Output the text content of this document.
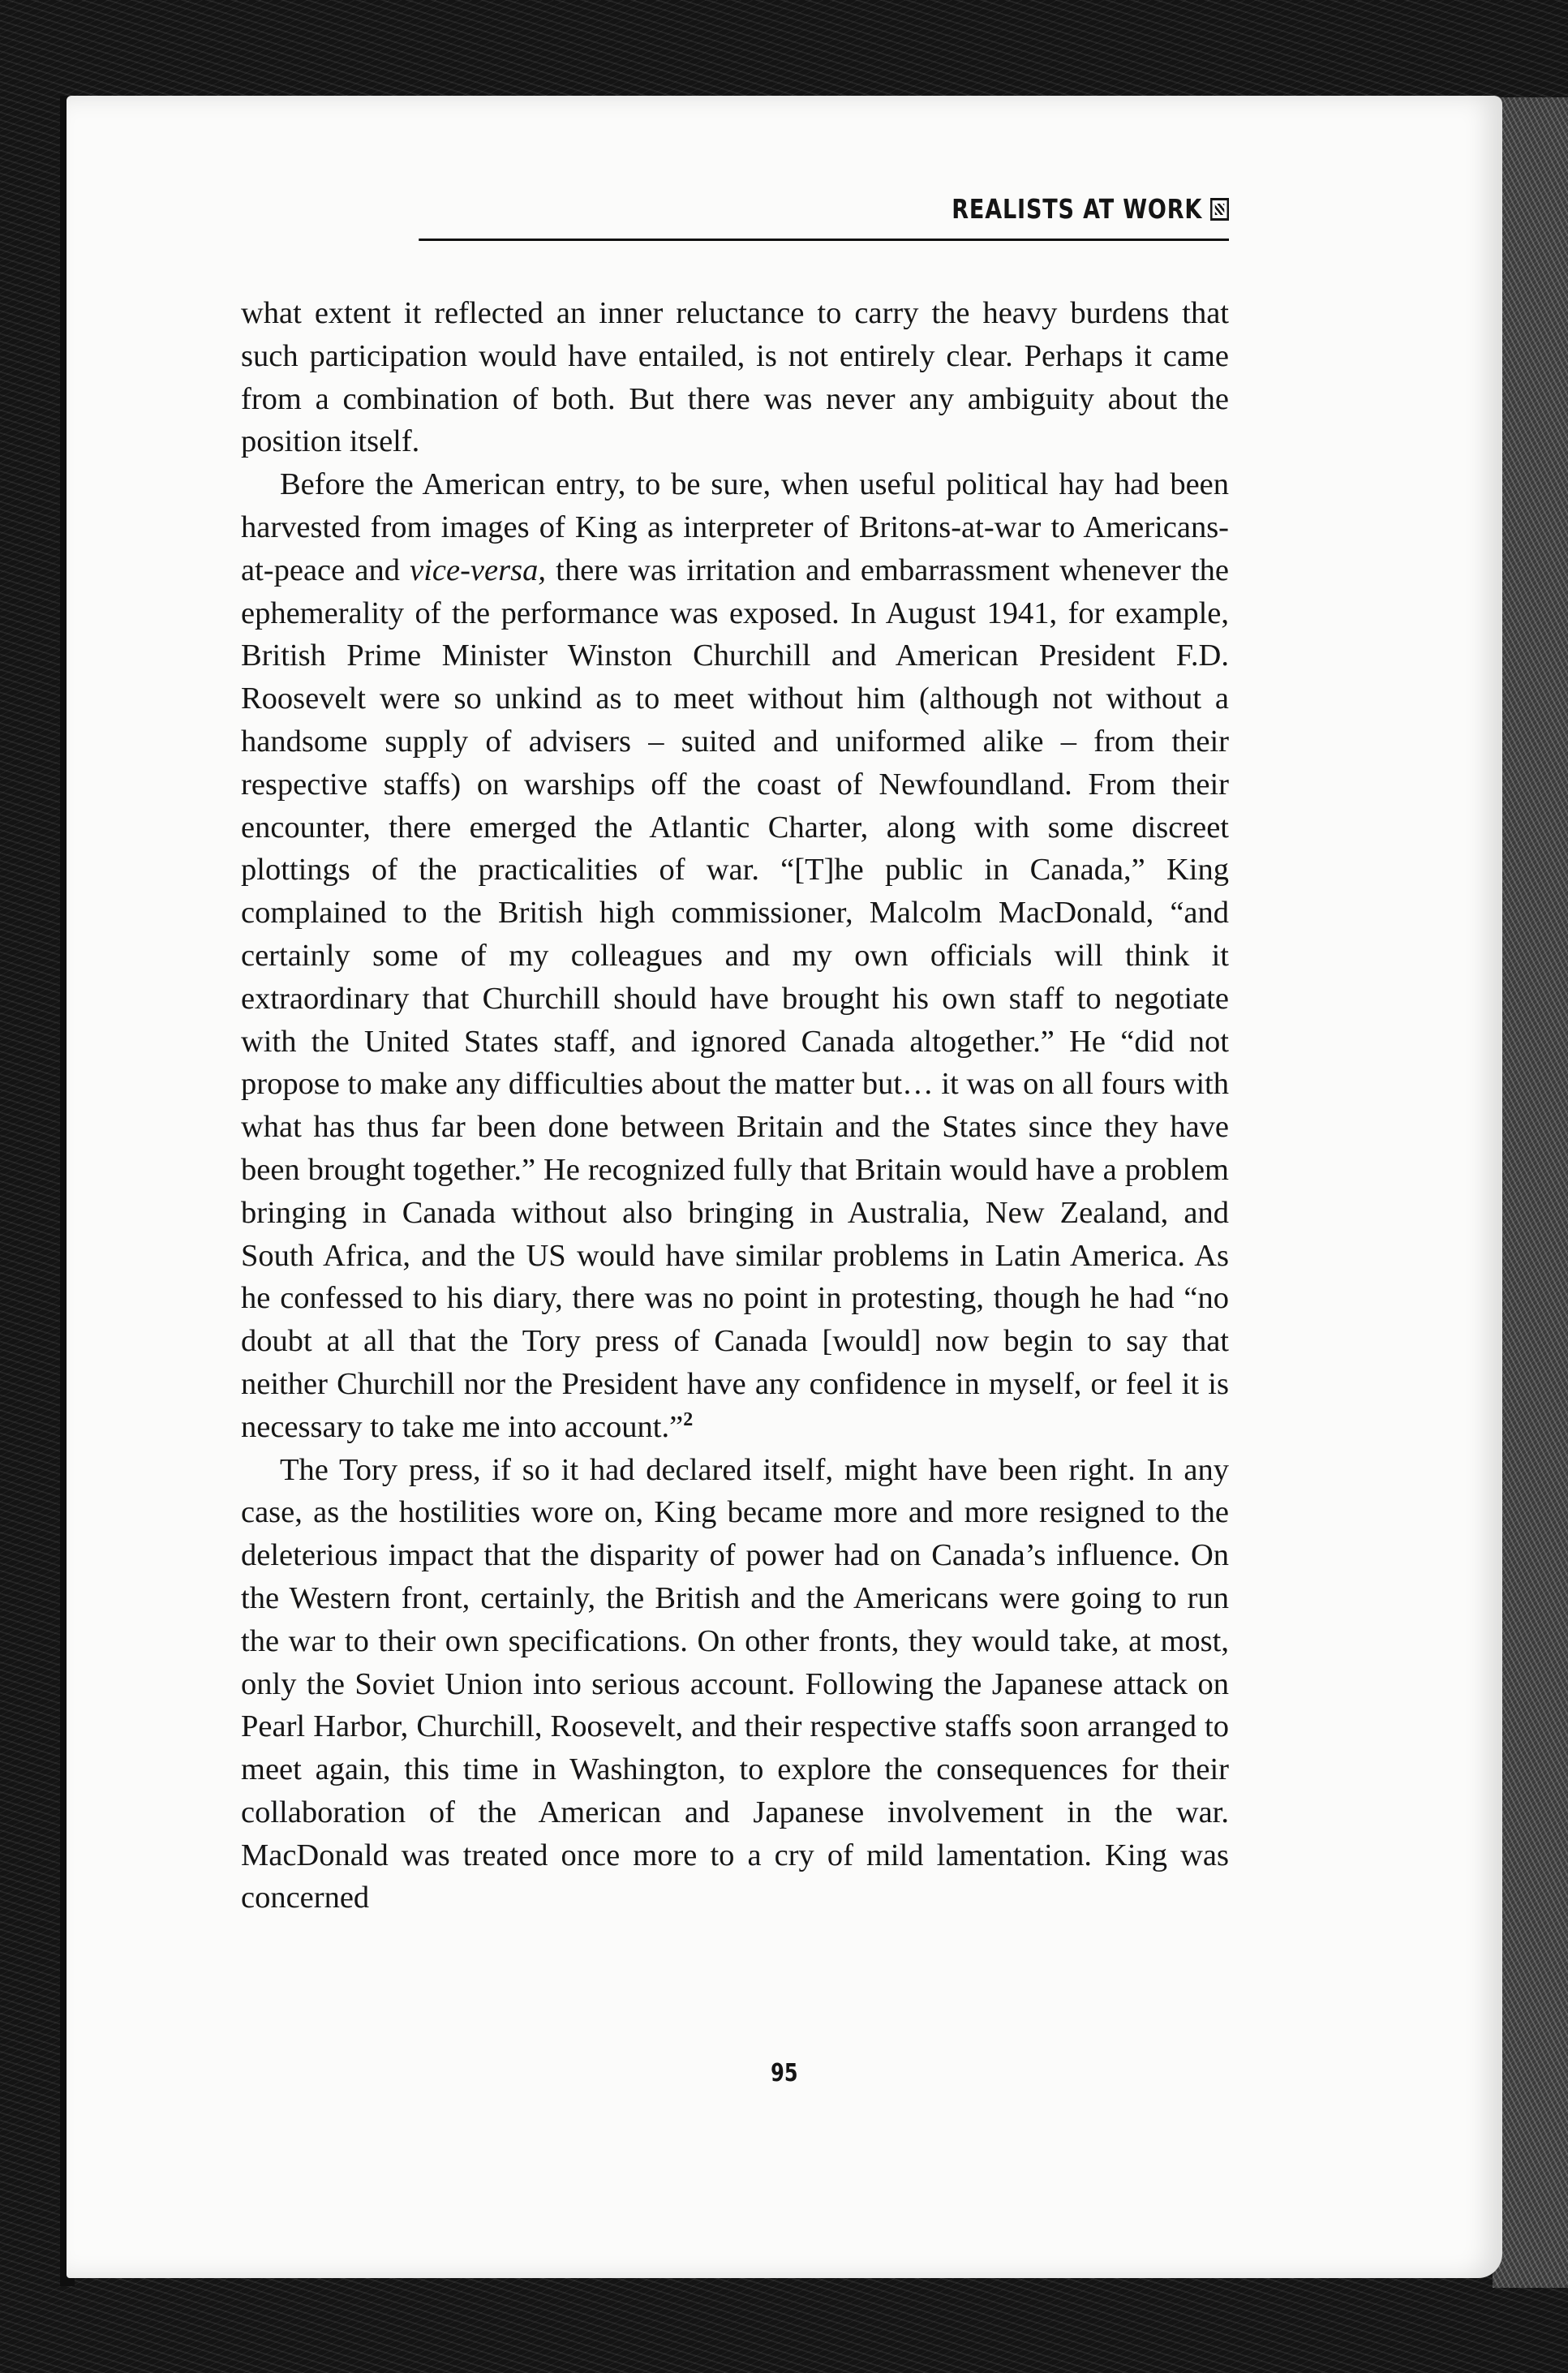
REALISTS AT WORK

what extent it reflected an inner reluctance to carry the heavy burdens that such participation would have entailed, is not entirely clear. Perhaps it came from a combination of both. But there was never any ambiguity about the position itself.

Before the American entry, to be sure, when useful political hay had been harvested from images of King as interpreter of Britons-at-war to Americans-at-peace and vice-versa, there was irritation and embarrassment whenever the ephemerality of the performance was exposed. In August 1941, for example, British Prime Minister Winston Churchill and American President F.D. Roosevelt were so unkind as to meet without him (although not without a handsome supply of advisers – suited and uniformed alike – from their respective staffs) on warships off the coast of Newfoundland. From their encounter, there emerged the Atlantic Charter, along with some discreet plottings of the practicalities of war. “[T]he public in Canada,” King complained to the British high commissioner, Malcolm MacDonald, “and certainly some of my colleagues and my own officials will think it extraordinary that Churchill should have brought his own staff to negotiate with the United States staff, and ignored Canada altogether.” He “did not propose to make any difficulties about the matter but… it was on all fours with what has thus far been done between Britain and the States since they have been brought together.” He recognized fully that Britain would have a problem bringing in Canada without also bringing in Australia, New Zealand, and South Africa, and the US would have similar problems in Latin America. As he confessed to his diary, there was no point in protesting, though he had “no doubt at all that the Tory press of Canada [would] now begin to say that neither Churchill nor the President have any confidence in myself, or feel it is necessary to take me into account.”$^2$

The Tory press, if so it had declared itself, might have been right. In any case, as the hostilities wore on, King became more and more resigned to the deleterious impact that the disparity of power had on Canada’s influence. On the Western front, certainly, the British and the Americans were going to run the war to their own specifications. On other fronts, they would take, at most, only the Soviet Union into serious account. Following the Japanese attack on Pearl Harbor, Churchill, Roosevelt, and their respective staffs soon arranged to meet again, this time in Washington, to explore the consequences for their collaboration of the American and Japanese involvement in the war. MacDonald was treated once more to a cry of mild lamentation. King was concerned

95
